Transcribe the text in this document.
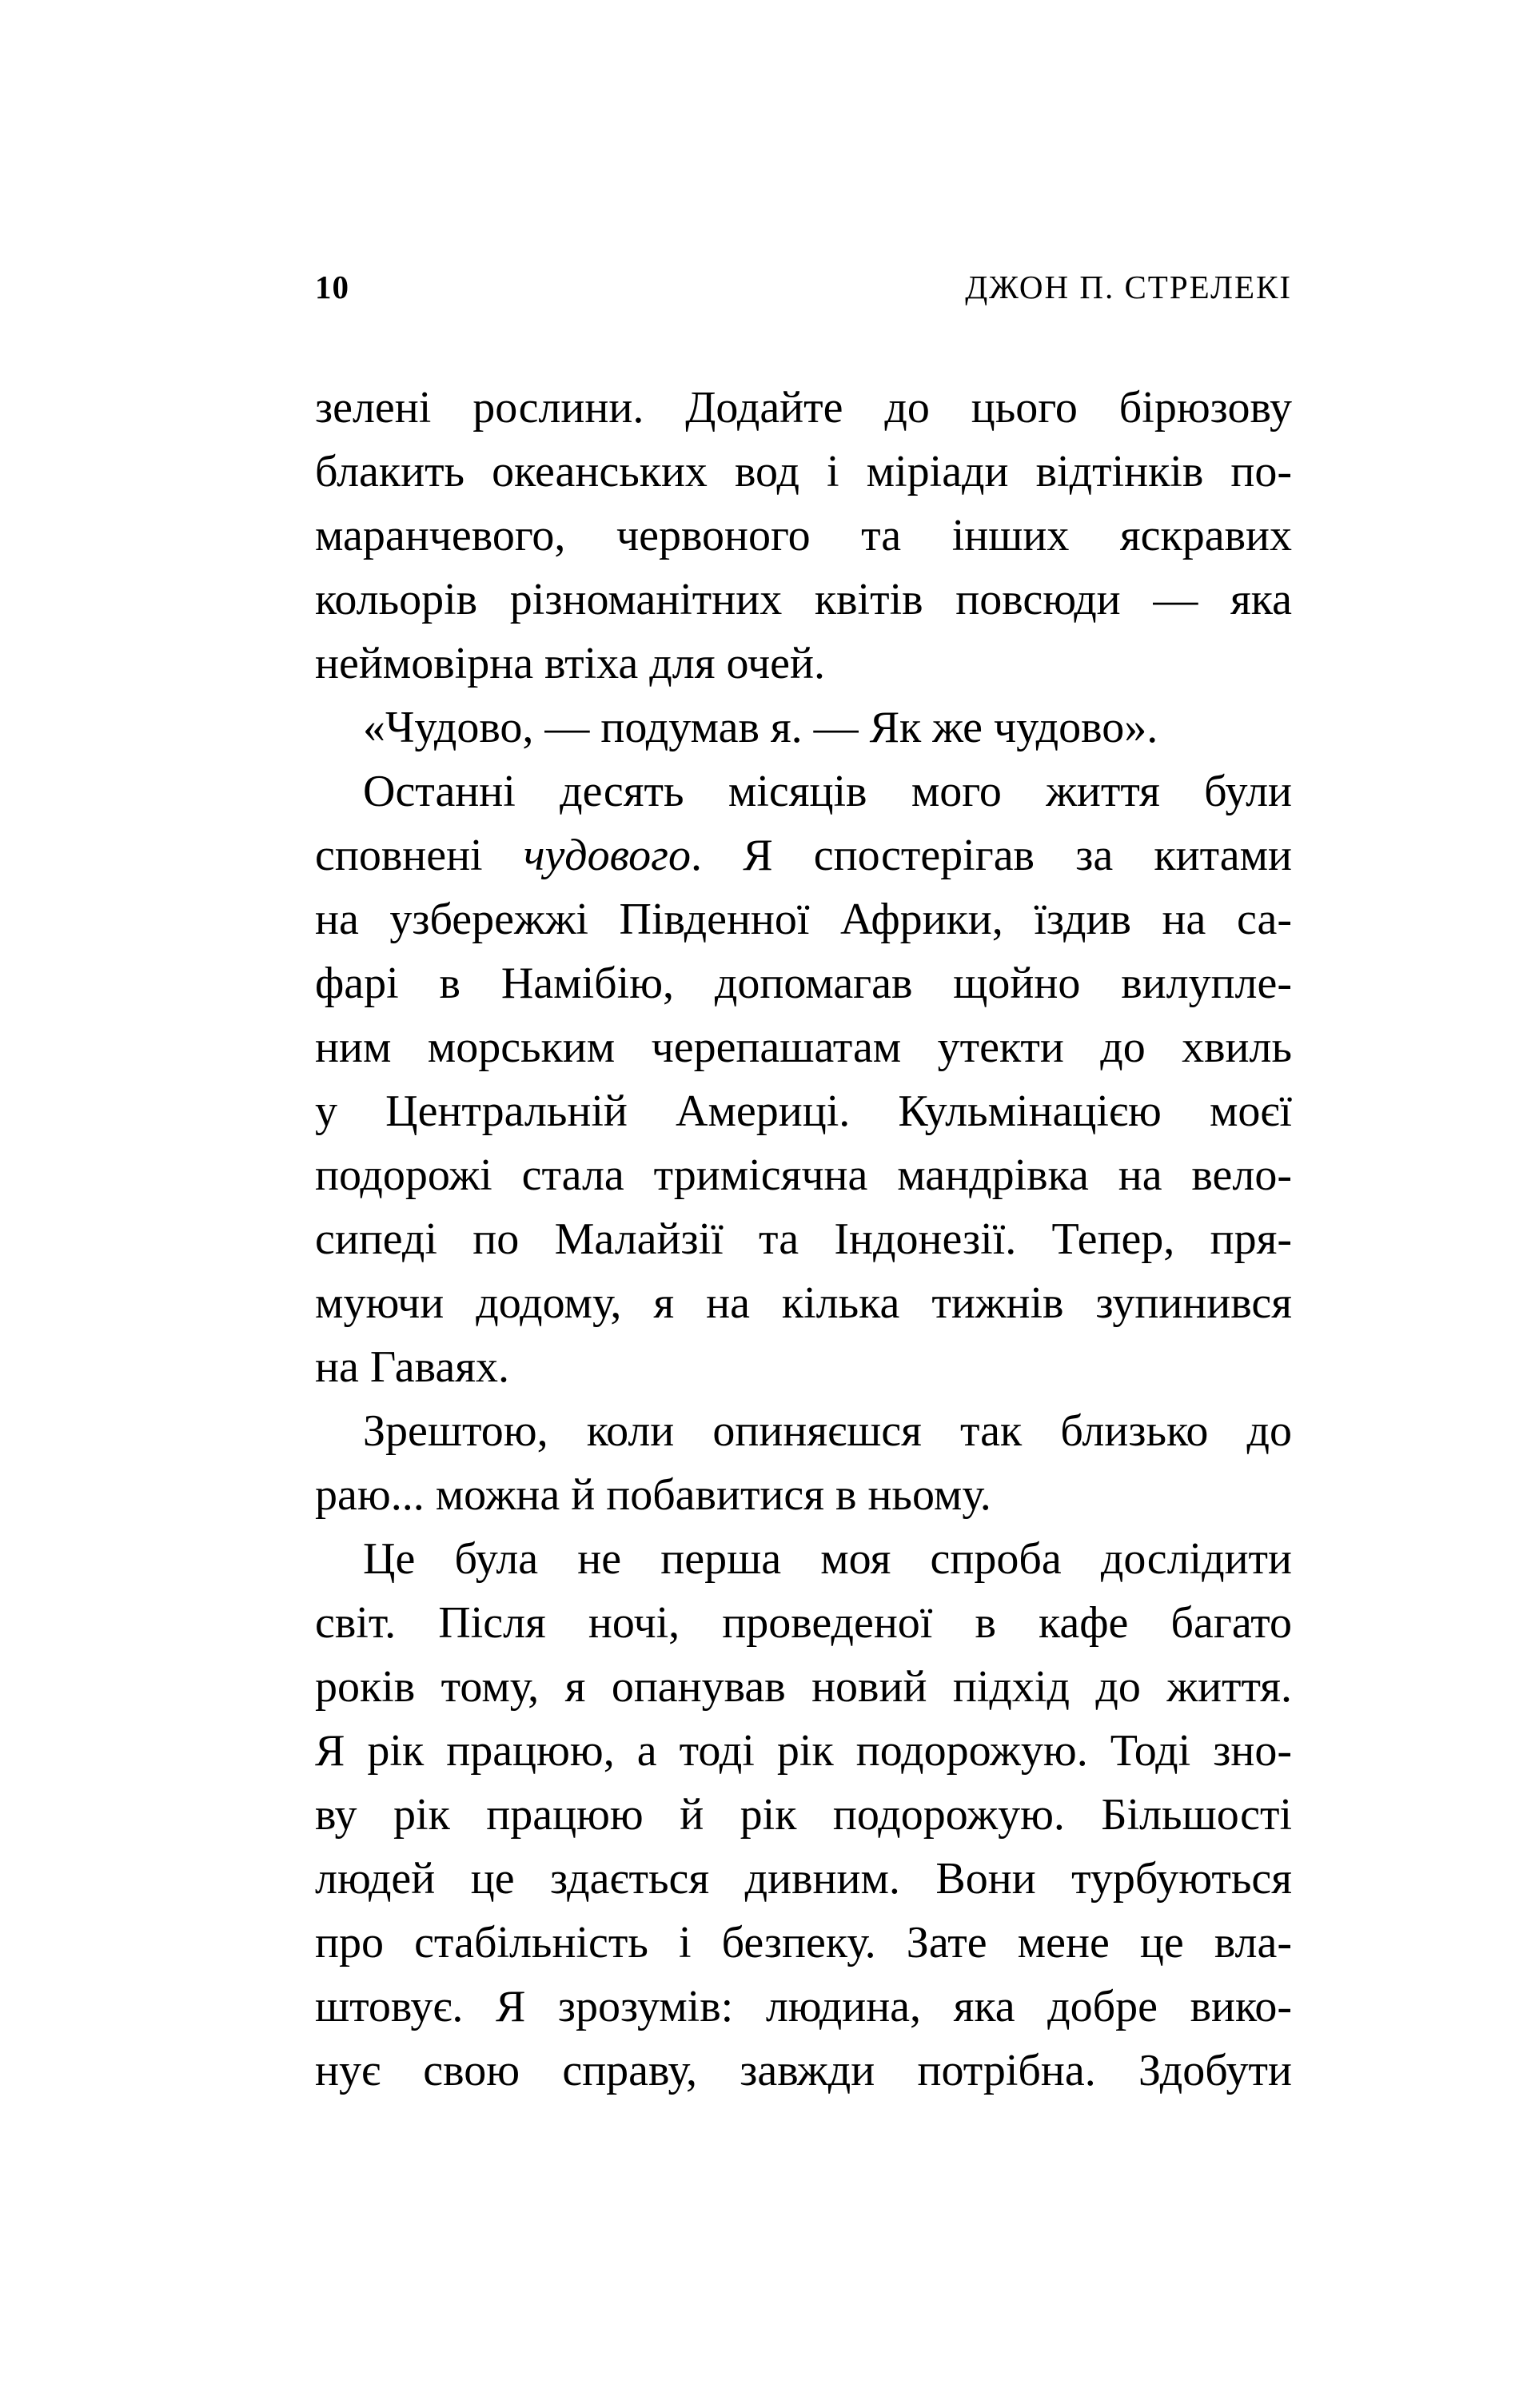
10	ДЖОН П. СТРЕЛЕКІ
зелені рослини. Додайте до цього бірюзову
блакить океанських вод і міріади відтінків по-
маранчевого, червоного та інших яскравих
кольорів різноманітних квітів повсюди — яка
неймовірна втіха для очей.
«Чудово, — подумав я. — Як же чудово».
Останні десять місяців мого життя були
сповнені чудового. Я спостерігав за китами
на узбережжі Південної Африки, їздив на са-
фарі в Намібію, допомагав щойно вилупле-
ним морським черепашатам утекти до хвиль
у Центральній Америці. Кульмінацією моєї
подорожі стала тримісячна мандрівка на вело-
сипеді по Малайзії та Індонезії. Тепер, пря-
муючи додому, я на кілька тижнів зупинився
на Гаваях.
Зрештою, коли опиняєшся так близько до
раю... можна й побавитися в ньому.
Це була не перша моя спроба дослідити
світ. Після ночі, проведеної в кафе багато
років тому, я опанував новий підхід до життя.
Я рік працюю, а тоді рік подорожую. Тоді зно-
ву рік працюю й рік подорожую. Більшості
людей це здається дивним. Вони турбуються
про стабільність і безпеку. Зате мене це вла-
штовує. Я зрозумів: людина, яка добре вико-
нує свою справу, завжди потрібна. Здобути
